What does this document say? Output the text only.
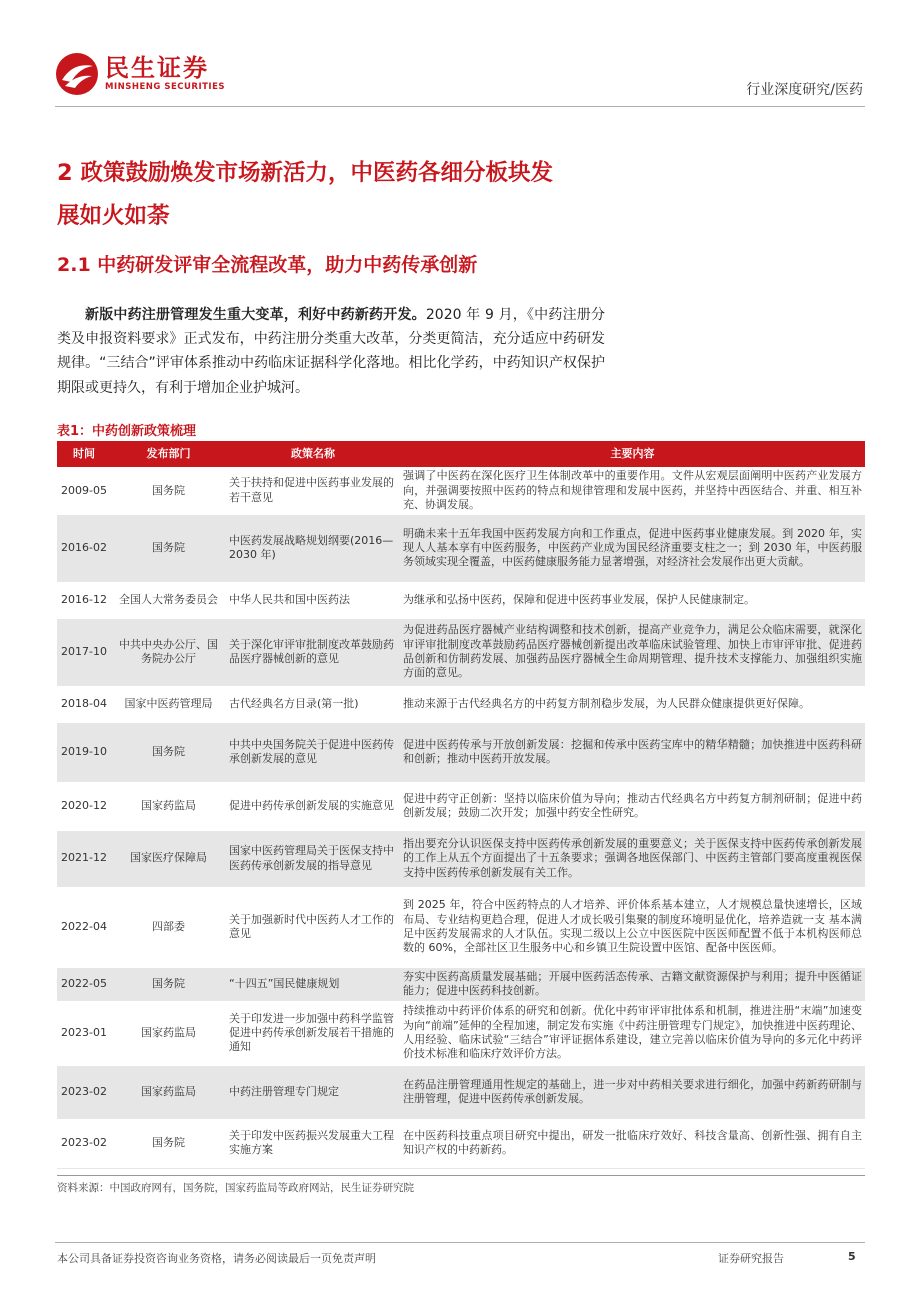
民生证券
MINSHENG SECURITIES	行业深度研究/医药
2 政策鼓励焕发市场新活力，中医药各细分板块发
展如火如荼
2.1 中药研发评审全流程改革，助力中药传承创新
新版中药注册管理发生重大变革，利好中药新药开发。2020 年 9 月，《中药注册分类及申报资料要求》正式发布，中药注册分类重大改革，分类更简洁，充分适应中药研发规律。“三结合”评审体系推动中药临床证据科学化落地。相比化学药，中药知识产权保护期限或更持久，有利于增加企业护城河。
表1：中药创新政策梳理
时间	发布部门	政策名称	主要内容
2009-05	国务院	关于扶持和促进中医药事业发展的若干意见	强调了中医药在深化医疗卫生体制改革中的重要作用。文件从宏观层面阐明中医药产业发展方向，并强调要按照中医药的特点和规律管理和发展中医药，并坚持中西医结合、并重、相互补充、协调发展。
2016-02	国务院	中医药发展战略规划纲要(2016—2030 年)	明确未来十五年我国中医药发展方向和工作重点，促进中医药事业健康发展。到 2020 年，实现人人基本享有中医药服务，中医药产业成为国民经济重要支柱之一；到 2030 年，中医药服务领域实现全覆盖，中医药健康服务能力显著增强，对经济社会发展作出更大贡献。
2016-12	全国人大常务委员会	中华人民共和国中医药法	为继承和弘扬中医药，保障和促进中医药事业发展，保护人民健康制定。
2017-10	中共中央办公厅、国务院办公厅	关于深化审评审批制度改革鼓励药品医疗器械创新的意见	为促进药品医疗器械产业结构调整和技术创新，提高产业竞争力，满足公众临床需要，就深化审评审批制度改革鼓励药品医疗器械创新提出改革临床试验管理、加快上市审评审批、促进药品创新和仿制药发展、加强药品医疗器械全生命周期管理、提升技术支撑能力、加强组织实施方面的意见。
2018-04	国家中医药管理局	古代经典名方目录(第一批)	推动来源于古代经典名方的中药复方制剂稳步发展，为人民群众健康提供更好保障。
2019-10	国务院	中共中央国务院关于促进中医药传承创新发展的意见	促进中医药传承与开放创新发展：挖掘和传承中医药宝库中的精华精髓；加快推进中医药科研和创新；推动中医药开放发展。
2020-12	国家药监局	促进中药传承创新发展的实施意见	促进中药守正创新：坚持以临床价值为导向；推动古代经典名方中药复方制剂研制；促进中药创新发展；鼓励二次开发；加强中药安全性研究。
2021-12	国家医疗保障局	国家中医药管理局关于医保支持中医药传承创新发展的指导意见	指出要充分认识医保支持中医药传承创新发展的重要意义；关于医保支持中医药传承创新发展的工作上从五个方面提出了十五条要求；强调各地医保部门、中医药主管部门要高度重视医保支持中医药传承创新发展有关工作。
2022-04	四部委	关于加强新时代中医药人才工作的意见	到 2025 年，符合中医药特点的人才培养、评价体系基本建立，人才规模总量快速增长，区域布局、专业结构更趋合理，促进人才成长吸引集聚的制度环境明显优化，培养造就一支 基本满足中医药发展需求的人才队伍。实现二级以上公立中医医院中医医师配置不低于本机构医师总数的 60%，全部社区卫生服务中心和乡镇卫生院设置中医馆、配备中医医师。
2022-05	国务院	“十四五”国民健康规划	夯实中医药高质量发展基础；开展中医药活态传承、古籍文献资源保护与利用；提升中医循证能力；促进中医药科技创新。
2023-01	国家药监局	关于印发进一步加强中药科学监管促进中药传承创新发展若干措施的通知	持续推动中药评价体系的研究和创新。优化中药审评审批体系和机制，推进注册“末端”加速变为向“前端”延伸的全程加速，制定发布实施《中药注册管理专门规定》，加快推进中医药理论、人用经验、临床试验“三结合”审评证据体系建设，建立完善以临床价值为导向的多元化中药评价技术标准和临床疗效评价方法。
2023-02	国家药监局	中药注册管理专门规定	在药品注册管理通用性规定的基础上，进一步对中药相关要求进行细化，加强中药新药研制与注册管理，促进中医药传承创新发展。
2023-02	国务院	关于印发中医药振兴发展重大工程实施方案	在中医药科技重点项目研究中提出，研发一批临床疗效好、科技含量高、创新性强、拥有自主知识产权的中药新药。
资料来源：中国政府网有，国务院，国家药监局等政府网站，民生证券研究院
本公司具备证券投资咨询业务资格，请务必阅读最后一页免责声明	证券研究报告	5
